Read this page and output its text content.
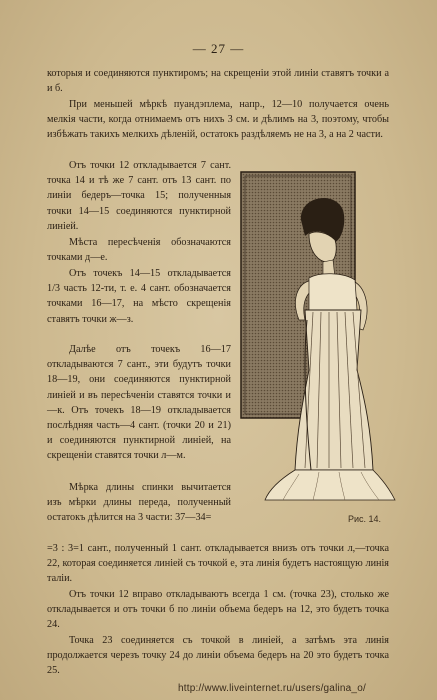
— 27 —

которыя и соединяются пунктиромъ; на скрещенiи этой линiи ставятъ точки а и б.

При меньшей мѣркѣ пуандэплема, напр., 12—10 получается очень мелкiя части, когда отнимаемъ отъ нихъ 3 см. и дѣлимъ на 3, поэтому, чтобы избѣжать такихъ мелкихъ дѣленiй, остатокъ раздѣляемъ не на 3, а на 2 части.

Отъ точки 12 откладывается 7 сант. точка 14 и тѣ же 7 сант. отъ 13 сант. по линiи бедеръ—точка 15; полученныя точки 14—15 соединяются пунктирной линiей.

Мѣста пересѣченiя обозначаются точками д—е.

Отъ точекъ 14—15 откладывается 1/3 часть 12-ти, т. е. 4 сант. обозначается точками 16—17, на мѣсто скрещенiя ставятъ точки ж—з.

Далѣе отъ точекъ 16—17 откладываются 7 сант., эти будутъ точки 18—19, они соединяются пунктирной линiей и въ пересѣченiи ставятся точки и—к. Отъ точекъ 18—19 откладывается послѣдняя часть—4 сант. (точки 20 и 21) и соединяются пунктирной линiей, на скрещенiи ставятся точки л—м.

Мѣрка длины спинки вычитается изъ мѣрки длины переда, полученный остатокъ дѣлится на 3 части: 37—34=

=3 : 3=1 сант., полученный 1 сант. откладывается внизъ отъ точки л,—точка 22, которая соединяется линiей съ точкой е, эта линiя будетъ настоящую линiя талiи.

Отъ точки 12 вправо откладываютъ всегда 1 см. (точка 23), столько же откладывается и отъ точки б по линiи объема бедеръ на 12, это будетъ точка 24.

Точка 23 соединяется съ точкой в линiей, а затѣмъ эта линiя продолжается черезъ точку 24 до линiи объема бедеръ на 20 это будетъ точка 25.

Рис. 14.
http://www.liveinternet.ru/users/galina_o/
